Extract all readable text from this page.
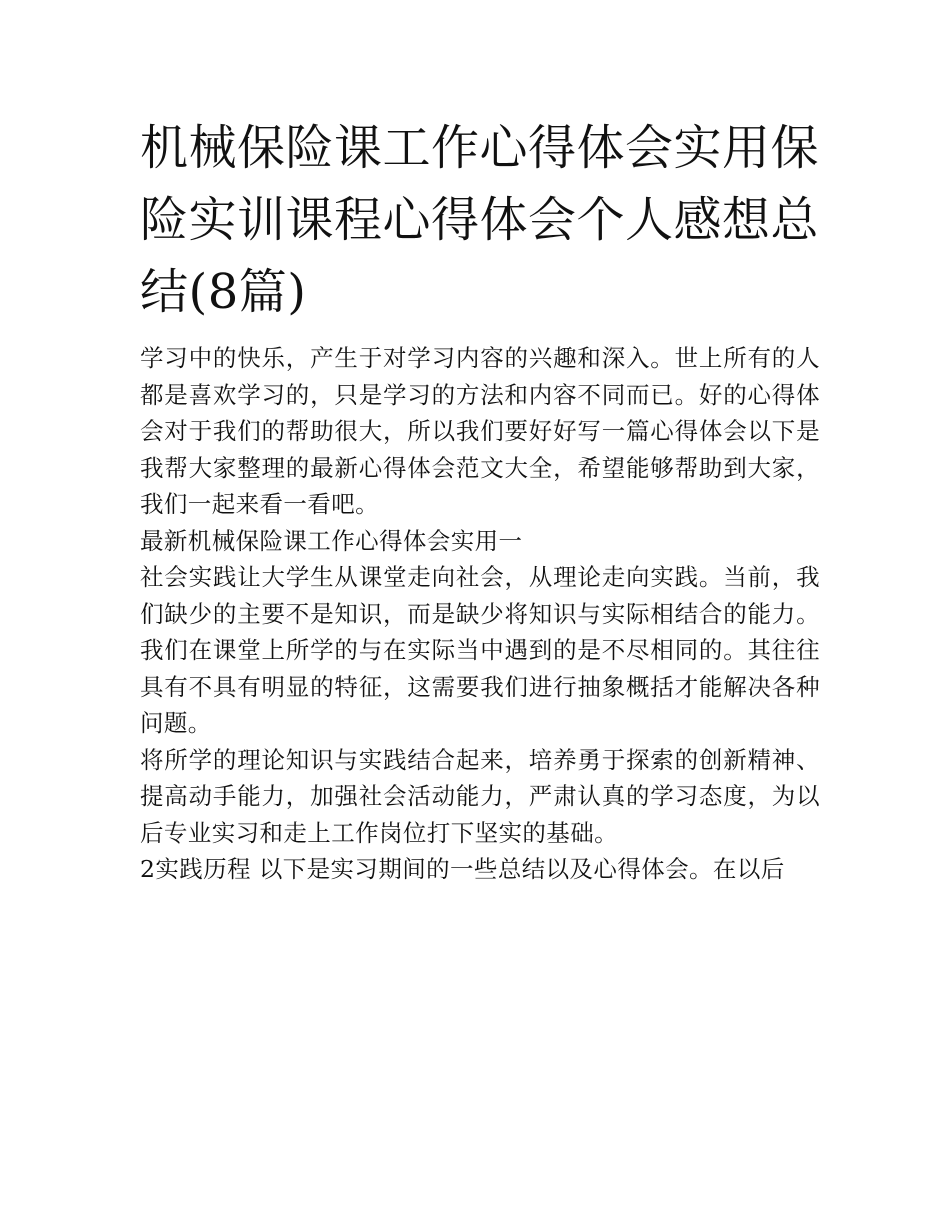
机械保险课工作心得体会实用保险实训课程心得体会个人感想总结(8篇)

学习中的快乐，产生于对学习内容的兴趣和深入。世上所有的人都是喜欢学习的，只是学习的方法和内容不同而已。好的心得体会对于我们的帮助很大，所以我们要好好写一篇心得体会以下是我帮大家整理的最新心得体会范文大全，希望能够帮助到大家，我们一起来看一看吧。

最新机械保险课工作心得体会实用一

社会实践让大学生从课堂走向社会，从理论走向实践。当前，我们缺少的主要不是知识，而是缺少将知识与实际相结合的能力。我们在课堂上所学的与在实际当中遇到的是不尽相同的。其往往具有不具有明显的特征，这需要我们进行抽象概括才能解决各种问题。

将所学的理论知识与实践结合起来，培养勇于探索的创新精神、提高动手能力，加强社会活动能力，严肃认真的学习态度，为以后专业实习和走上工作岗位打下坚实的基础。

2实践历程 以下是实习期间的一些总结以及心得体会。在以后
